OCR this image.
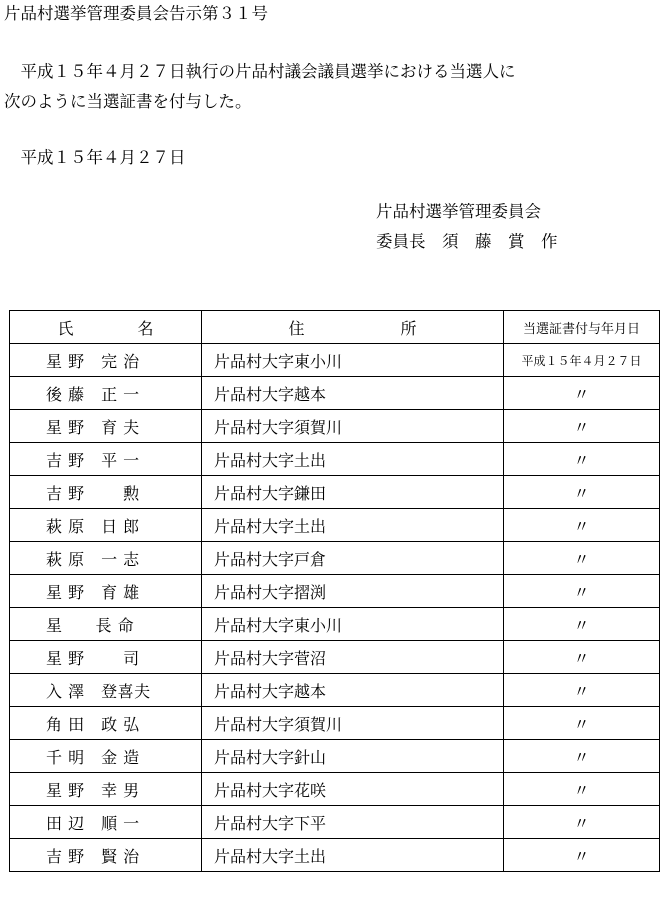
片品村選挙管理委員会告示第３１号
　平成１５年４月２７日執行の片品村議会議員選挙における当選人に
次のように当選証書を付与した。
　平成１５年４月２７日
片品村選挙管理委員会
委員長　須　藤　賞　作
氏　　　　名	住　　　　　　所	当選証書付与年月日
星 野　完 治	片品村大字東小川	平成１５年４月２７日
後 藤　正 一	片品村大字越本	〃
星 野　育 夫	片品村大字須賀川	〃
吉 野　平 一	片品村大字土出	〃
吉 野　　 勲	片品村大字鎌田	〃
萩 原　日 郎	片品村大字土出	〃
萩 原　一 志	片品村大字戸倉	〃
星 野　育 雄	片品村大字摺渕	〃
星　　長 命	片品村大字東小川	〃
星 野　　 司	片品村大字菅沼	〃
入 澤　登喜夫	片品村大字越本	〃
角 田　政 弘	片品村大字須賀川	〃
千 明　金 造	片品村大字針山	〃
星 野　幸 男	片品村大字花咲	〃
田 辺　順 一	片品村大字下平	〃
吉 野　賢 治	片品村大字土出	〃
